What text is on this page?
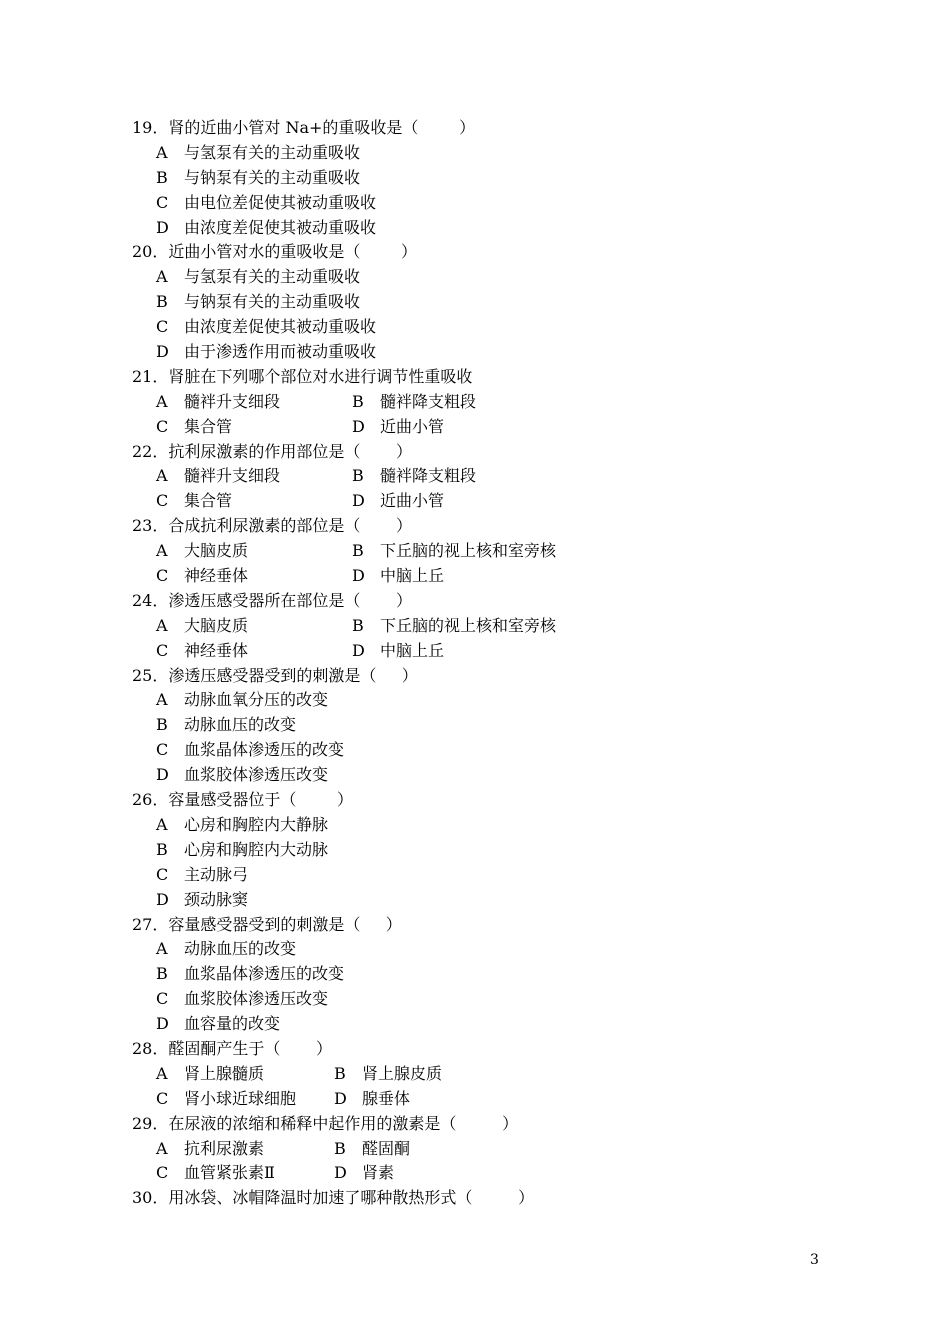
19．肾的近曲小管对 Na+的重吸收是（        ）
A	与氢泵有关的主动重吸收
B	与钠泵有关的主动重吸收
C 由电位差促使其被动重吸收
D 由浓度差促使其被动重吸收
20．近曲小管对水的重吸收是（        ）
A	与氢泵有关的主动重吸收
B	与钠泵有关的主动重吸收
C 由浓度差促使其被动重吸收
D 由于渗透作用而被动重吸收
21．肾脏在下列哪个部位对水进行调节性重吸收
A	髓袢升支细段	B	髓袢降支粗段
C 集合管	D 近曲小管
22．抗利尿激素的作用部位是（       ）
A	髓袢升支细段	B	髓袢降支粗段
C 集合管	D 近曲小管
23．合成抗利尿激素的部位是（       ）
A	大脑皮质	B	下丘脑的视上核和室旁核
C 神经垂体	D 中脑上丘
24．渗透压感受器所在部位是（       ）
A	大脑皮质	B	下丘脑的视上核和室旁核
C 神经垂体	D 中脑上丘
25．渗透压感受器受到的刺激是（     ）
A	动脉血氧分压的改变
B	动脉血压的改变
C 血浆晶体渗透压的改变
D 血浆胶体渗透压改变
26．容量感受器位于（        ）
A	心房和胸腔内大静脉
B	心房和胸腔内大动脉
C 主动脉弓
D 颈动脉窦
27．容量感受器受到的刺激是（     ）
A	动脉血压的改变
B	血浆晶体渗透压的改变
C 血浆胶体渗透压改变
D 血容量的改变
28．醛固酮产生于（       ）
A	肾上腺髓质	B	肾上腺皮质
C 肾小球近球细胞 D 腺垂体
29．在尿液的浓缩和稀释中起作用的激素是（         ）
A	抗利尿激素	B	醛固酮
C 血管紧张素Ⅱ	D 肾素
30．用冰袋、冰帽降温时加速了哪种散热形式（         ）
3
